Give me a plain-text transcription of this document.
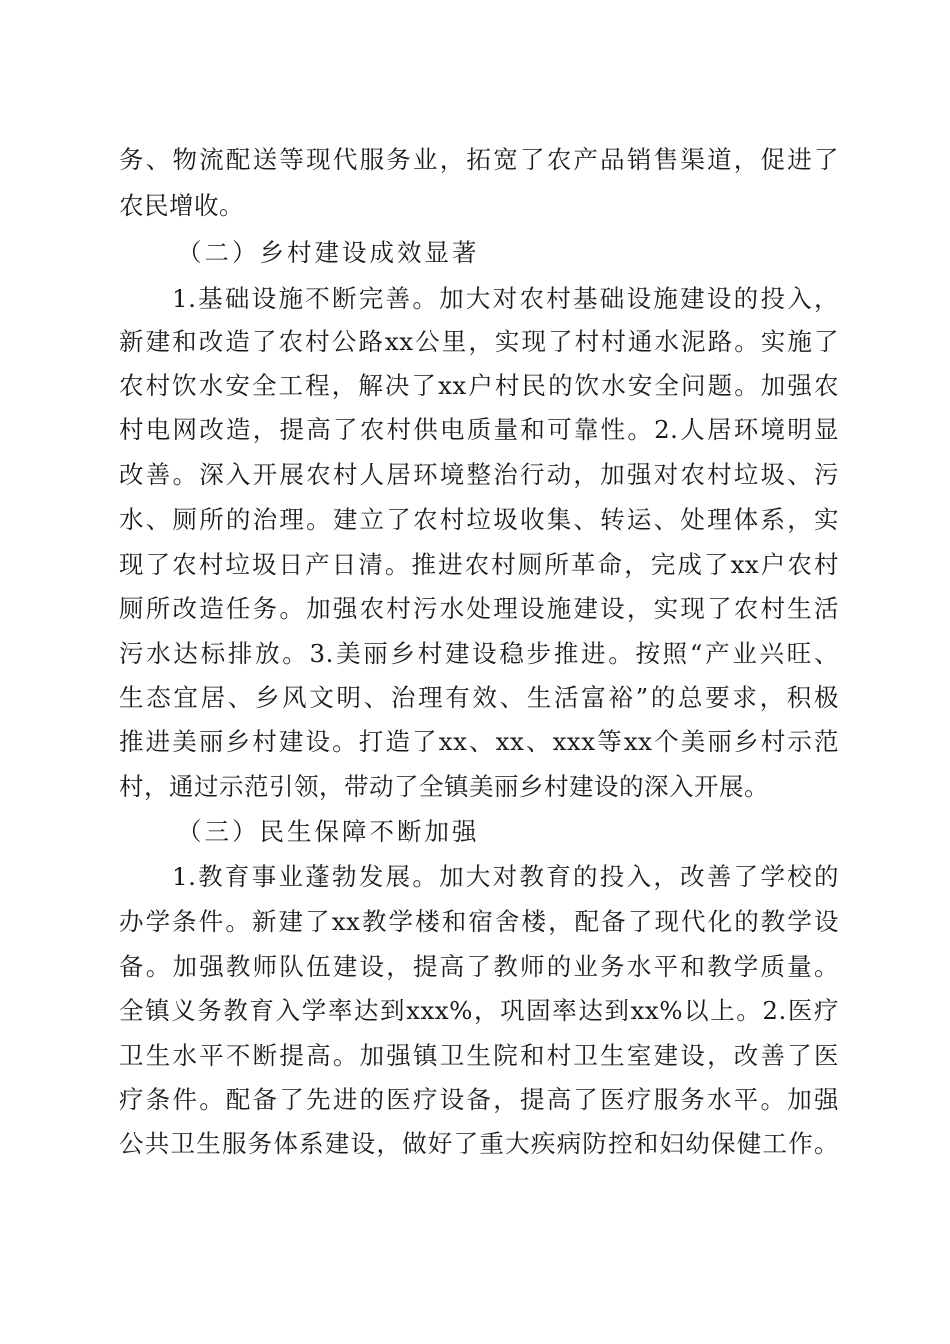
务、物流配送等现代服务业，拓宽了农产品销售渠道，促进了
农民增收。
（二）乡村建设成效显著
1.基础设施不断完善。加大对农村基础设施建设的投入，
新建和改造了农村公路xx公里，实现了村村通水泥路。实施了
农村饮水安全工程，解决了xx户村民的饮水安全问题。加强农
村电网改造，提高了农村供电质量和可靠性。2.人居环境明显
改善。深入开展农村人居环境整治行动，加强对农村垃圾、污
水、厕所的治理。建立了农村垃圾收集、转运、处理体系，实
现了农村垃圾日产日清。推进农村厕所革命，完成了xx户农村
厕所改造任务。加强农村污水处理设施建设，实现了农村生活
污水达标排放。3.美丽乡村建设稳步推进。按照“产业兴旺、
生态宜居、乡风文明、治理有效、生活富裕”的总要求，积极
推进美丽乡村建设。打造了xx、xx、xxx等xx个美丽乡村示范
村，通过示范引领，带动了全镇美丽乡村建设的深入开展。
（三）民生保障不断加强
1.教育事业蓬勃发展。加大对教育的投入，改善了学校的
办学条件。新建了xx教学楼和宿舍楼，配备了现代化的教学设
备。加强教师队伍建设，提高了教师的业务水平和教学质量。
全镇义务教育入学率达到xxx%，巩固率达到xx%以上。2.医疗
卫生水平不断提高。加强镇卫生院和村卫生室建设，改善了医
疗条件。配备了先进的医疗设备，提高了医疗服务水平。加强
公共卫生服务体系建设，做好了重大疾病防控和妇幼保健工作。
